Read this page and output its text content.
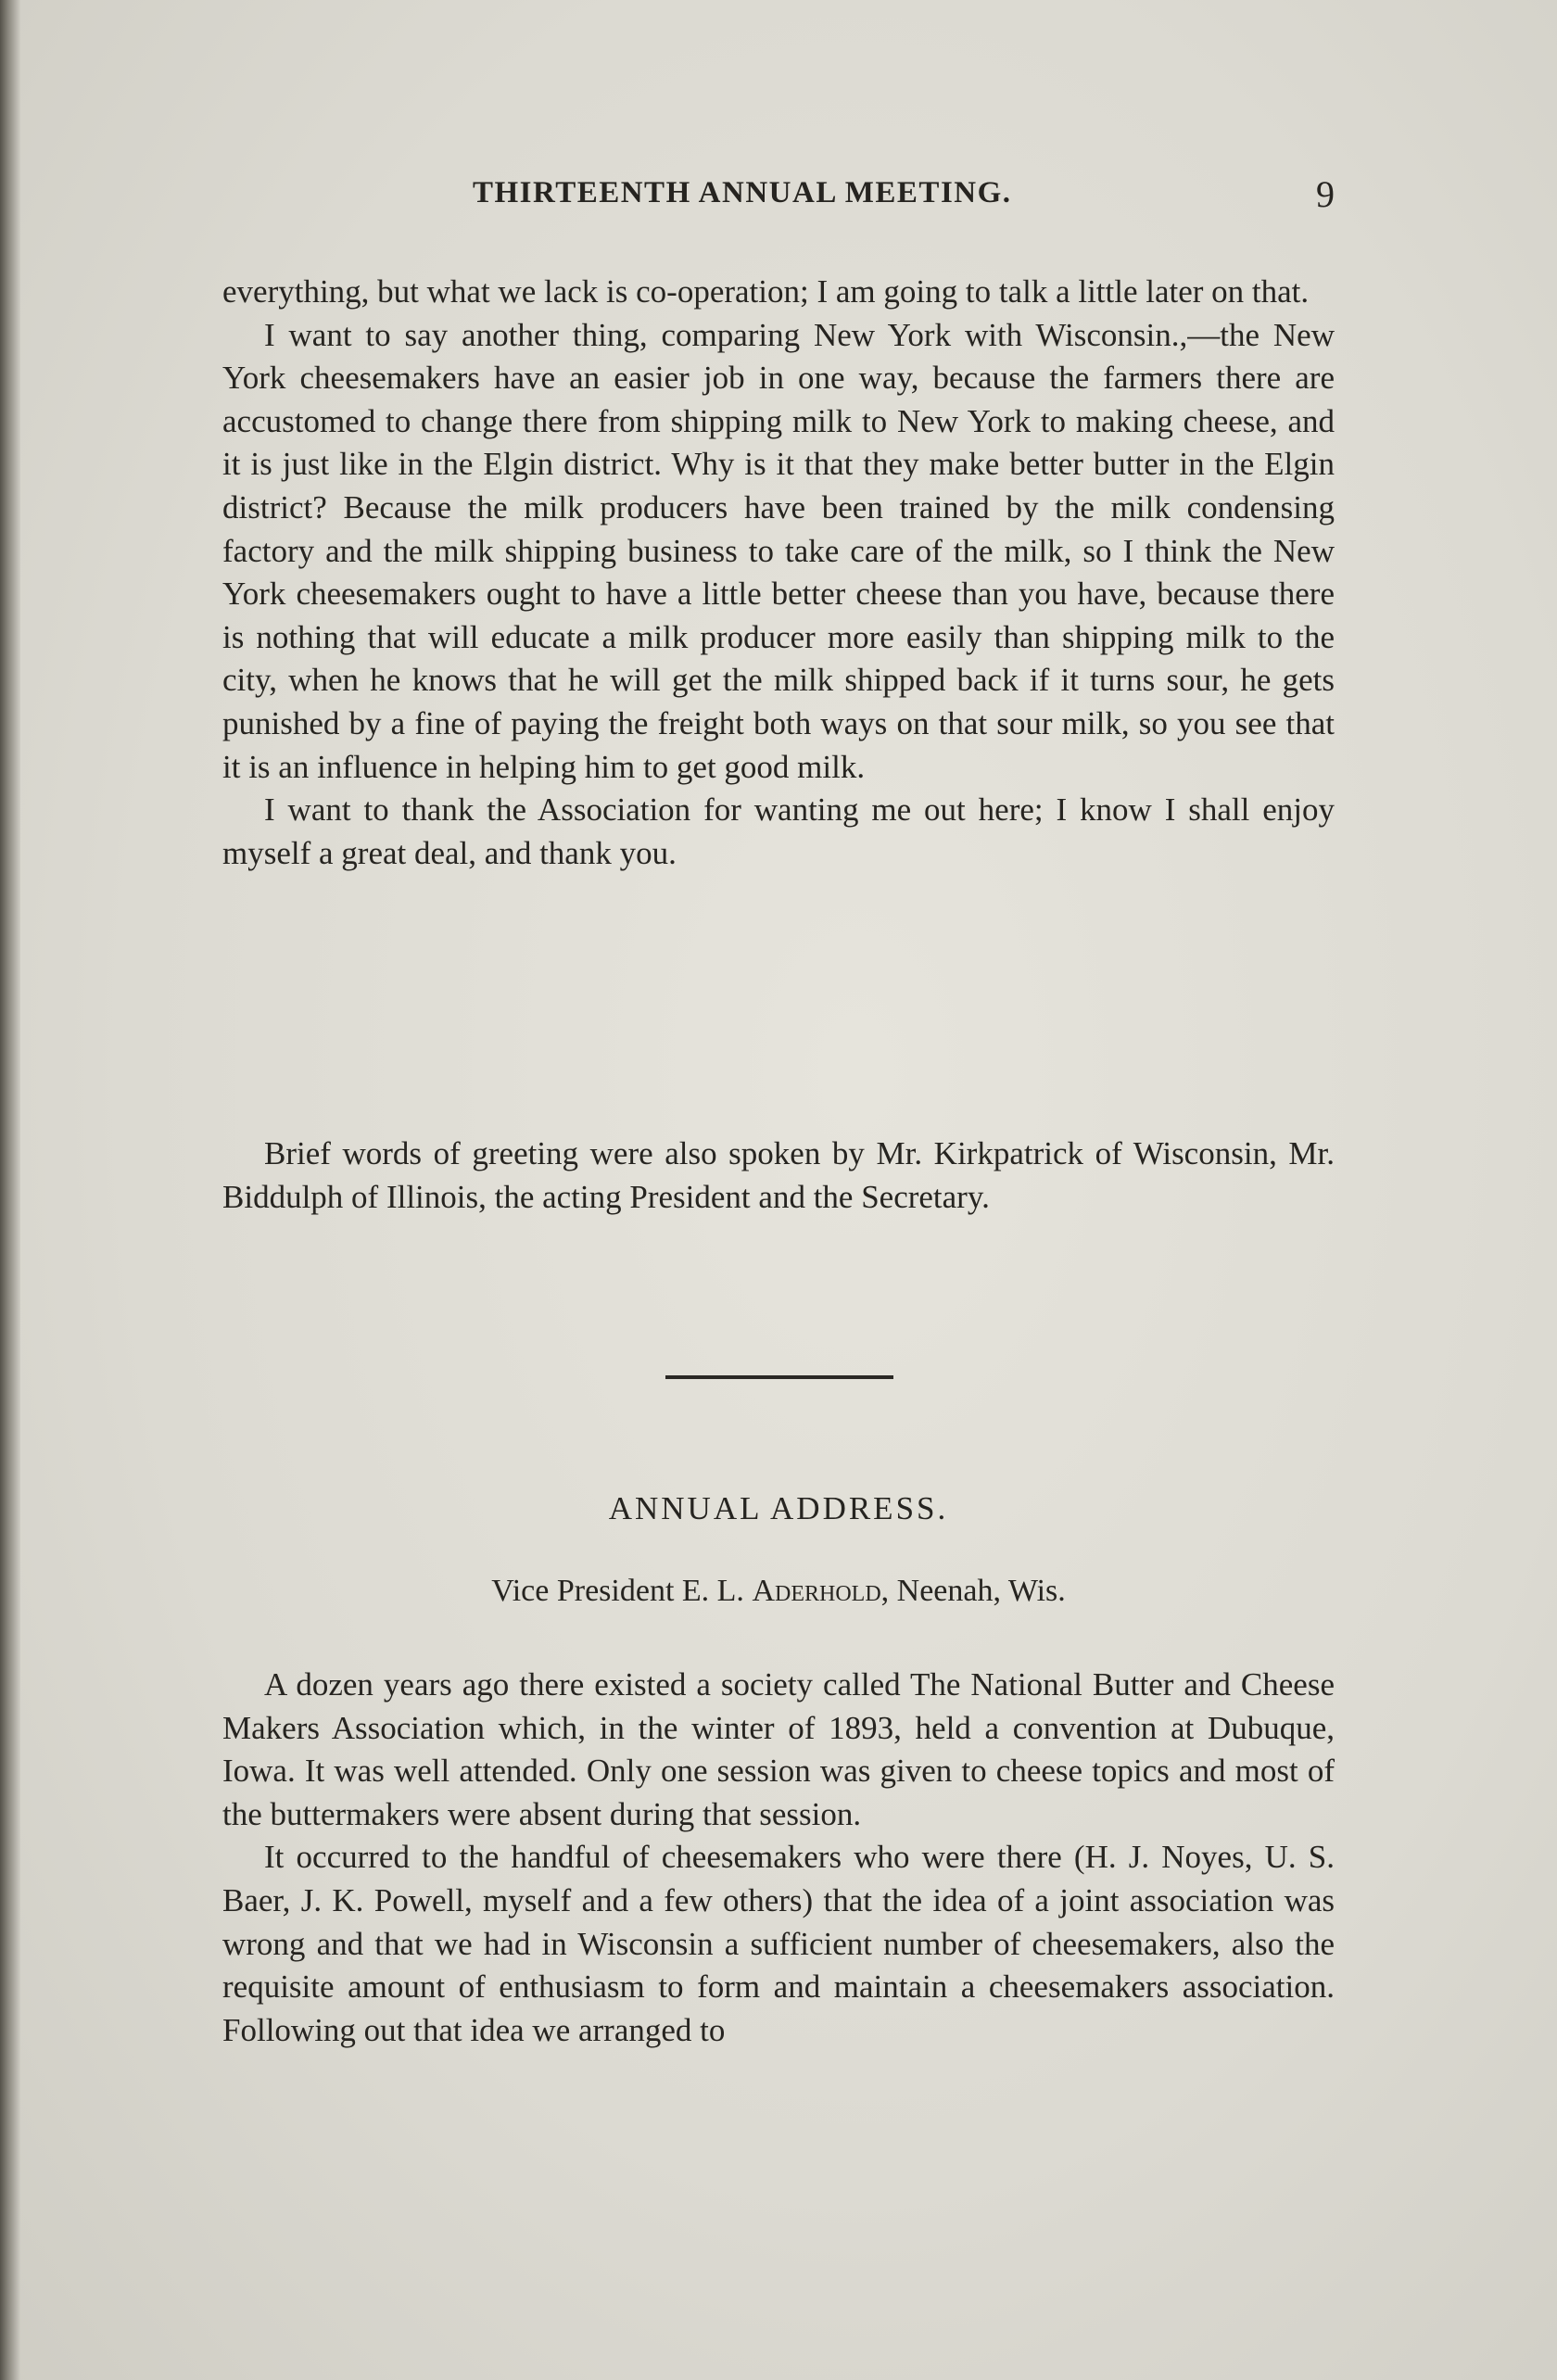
THIRTEENTH ANNUAL MEETING.	9

everything, but what we lack is co-operation; I am going to talk a little later on that.

I want to say another thing, comparing New York with Wisconsin.,—the New York cheesemakers have an easier job in one way, because the farmers there are accustomed to change there from shipping milk to New York to making cheese, and it is just like in the Elgin district. Why is it that they make better butter in the Elgin district? Because the milk producers have been trained by the milk condensing factory and the milk shipping business to take care of the milk, so I think the New York cheesemakers ought to have a little better cheese than you have, because there is nothing that will educate a milk producer more easily than shipping milk to the city, when he knows that he will get the milk shipped back if it turns sour, he gets punished by a fine of paying the freight both ways on that sour milk, so you see that it is an influence in helping him to get good milk.

I want to thank the Association for wanting me out here; I know I shall enjoy myself a great deal, and thank you.

Brief words of greeting were also spoken by Mr. Kirkpatrick of Wisconsin, Mr. Biddulph of Illinois, the acting President and the Secretary.

ANNUAL ADDRESS.
Vice President E. L. Aderhold, Neenah, Wis.

A dozen years ago there existed a society called The National Butter and Cheese Makers Association which, in the winter of 1893, held a convention at Dubuque, Iowa. It was well attended. Only one session was given to cheese topics and most of the buttermakers were absent during that session.

It occurred to the handful of cheesemakers who were there (H. J. Noyes, U. S. Baer, J. K. Powell, myself and a few others) that the idea of a joint association was wrong and that we had in Wisconsin a sufficient number of cheesemakers, also the requisite amount of enthusiasm to form and maintain a cheesemakers association. Following out that idea we arranged to
